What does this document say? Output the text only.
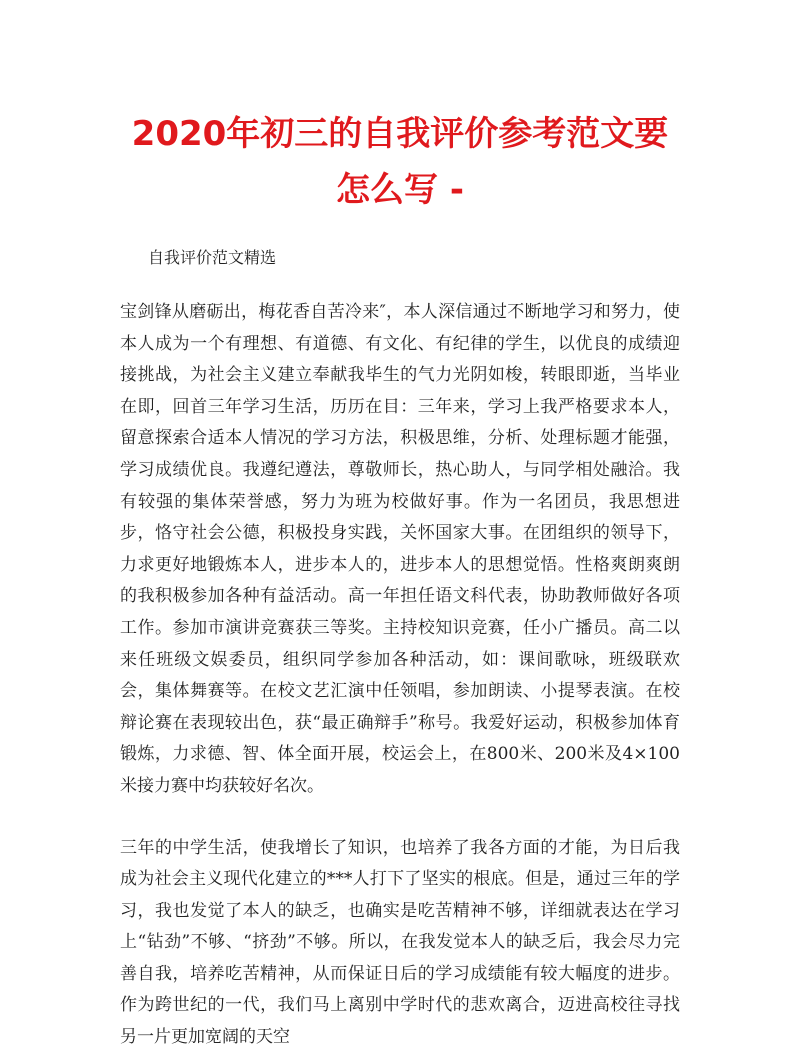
2020年初三的自我评价参考范文要怎么写 -
自我评价范文精选

宝剑锋从磨砺出，梅花香自苦冷来″，本人深信通过不断地学习和努力，使本人成为一个有理想、有道德、有文化、有纪律的学生，以优良的成绩迎接挑战，为社会主义建立奉献我毕生的气力光阴如梭，转眼即逝，当毕业在即，回首三年学习生活，历历在目：三年来，学习上我严格要求本人，留意探索合适本人情况的学习方法，积极思维，分析、处理标题才能强，学习成绩优良。我遵纪遵法，尊敬师长，热心助人，与同学相处融洽。我有较强的集体荣誉感，努力为班为校做好事。作为一名团员，我思想进步，恪守社会公德，积极投身实践，关怀国家大事。在团组织的领导下，力求更好地锻炼本人，进步本人的，进步本人的思想觉悟。性格爽朗爽朗的我积极参加各种有益活动。高一年担任语文科代表，协助教师做好各项工作。参加市演讲竞赛获三等奖。主持校知识竞赛，任小广播员。高二以来任班级文娱委员，组织同学参加各种活动，如：课间歌咏，班级联欢会，集体舞赛等。在校文艺汇演中任领唱，参加朗读、小提琴表演。在校辩论赛在表现较出色，获“最正确辩手”称号。我爱好运动，积极参加体育锻炼，力求德、智、体全面开展，校运会上，在800米、200米及4×100米接力赛中均获较好名次。

三年的中学生活，使我增长了知识，也培养了我各方面的才能，为日后我成为社会主义现代化建立的***人打下了坚实的根底。但是，通过三年的学习，我也发觉了本人的缺乏，也确实是吃苦精神不够，详细就表达在学习上“钻劲”不够、“挤劲”不够。所以，在我发觉本人的缺乏后，我会尽力完善自我，培养吃苦精神，从而保证日后的学习成绩能有较大幅度的进步。作为跨世纪的一代，我们马上离别中学时代的悲欢离合，迈进高校往寻找另一片更加宽阔的天空
